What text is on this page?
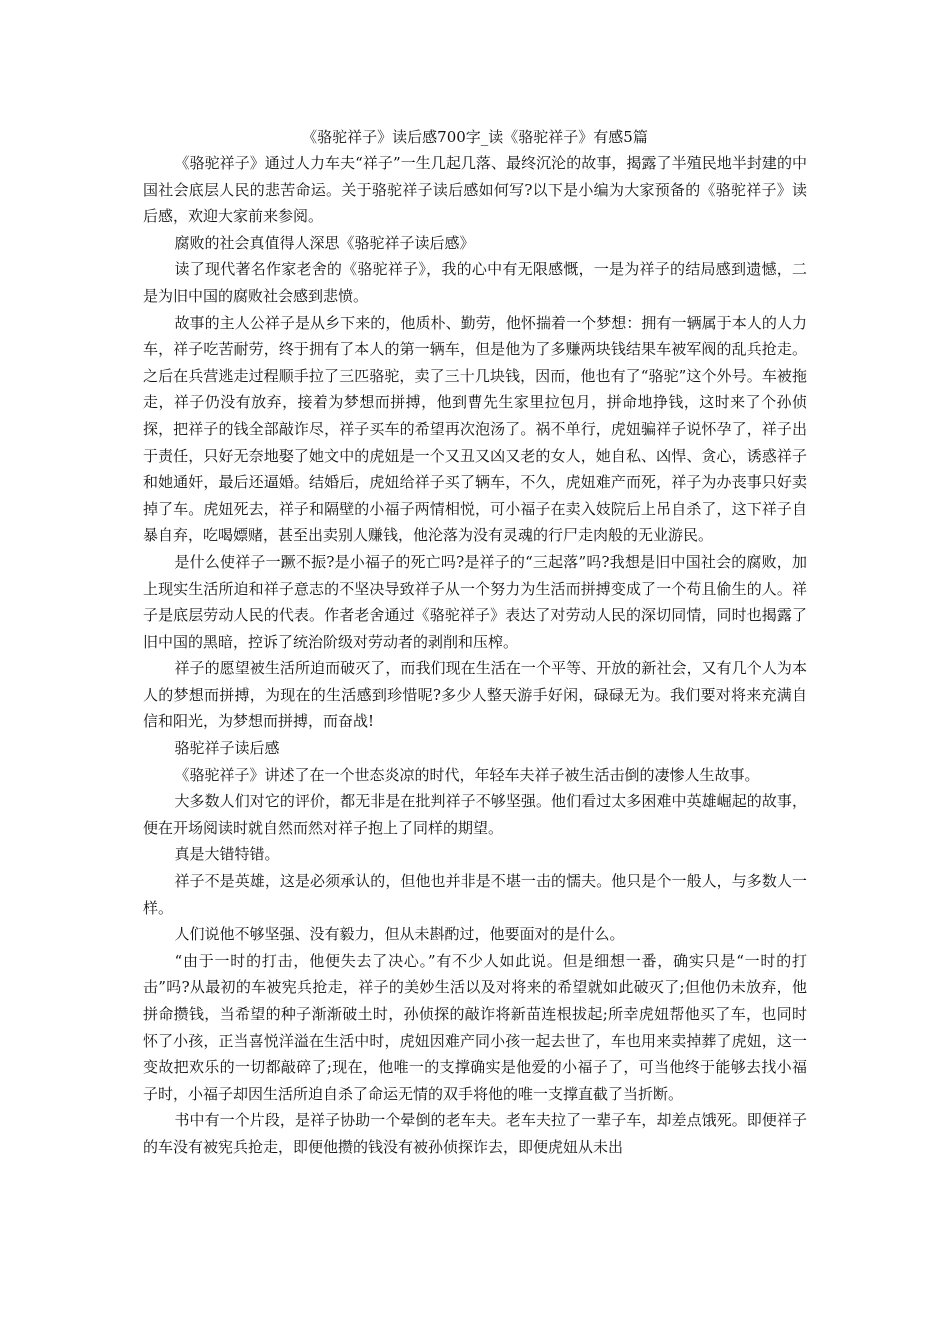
《骆驼祥子》读后感700字_读《骆驼祥子》有感5篇

《骆驼祥子》通过人力车夫“祥子”一生几起几落、最终沉沦的故事，揭露了半殖民地半封建的中国社会底层人民的悲苦命运。关于骆驼祥子读后感如何写?以下是小编为大家预备的《骆驼祥子》读后感，欢迎大家前来参阅。

腐败的社会真值得人深思《骆驼祥子读后感》

读了现代著名作家老舍的《骆驼祥子》，我的心中有无限感慨，一是为祥子的结局感到遗憾，二是为旧中国的腐败社会感到悲愤。

故事的主人公祥子是从乡下来的，他质朴、勤劳，他怀揣着一个梦想：拥有一辆属于本人的人力车，祥子吃苦耐劳，终于拥有了本人的第一辆车，但是他为了多赚两块钱结果车被军阀的乱兵抢走。之后在兵营逃走过程顺手拉了三匹骆驼，卖了三十几块钱，因而，他也有了“骆驼”这个外号。车被拖走，祥子仍没有放弃，接着为梦想而拼搏，他到曹先生家里拉包月，拼命地挣钱，这时来了个孙侦探，把祥子的钱全部敲诈尽，祥子买车的希望再次泡汤了。祸不单行，虎妞骗祥子说怀孕了，祥子出于责任，只好无奈地娶了她文中的虎妞是一个又丑又凶又老的女人，她自私、凶悍、贪心，诱惑祥子和她通奸，最后还逼婚。结婚后，虎妞给祥子买了辆车，不久，虎妞难产而死，祥子为办丧事只好卖掉了车。虎妞死去，祥子和隔壁的小福子两情相悦，可小福子在卖入妓院后上吊自杀了，这下祥子自暴自弃，吃喝嫖赌，甚至出卖别人赚钱，他沦落为没有灵魂的行尸走肉般的无业游民。

是什么使祥子一蹶不振?是小福子的死亡吗?是祥子的“三起落”吗?我想是旧中国社会的腐败，加上现实生活所迫和祥子意志的不坚决导致祥子从一个努力为生活而拼搏变成了一个苟且偷生的人。祥子是底层劳动人民的代表。作者老舍通过《骆驼祥子》表达了对劳动人民的深切同情，同时也揭露了旧中国的黑暗，控诉了统治阶级对劳动者的剥削和压榨。

祥子的愿望被生活所迫而破灭了，而我们现在生活在一个平等、开放的新社会，又有几个人为本人的梦想而拼搏，为现在的生活感到珍惜呢?多少人整天游手好闲，碌碌无为。我们要对将来充满自信和阳光，为梦想而拼搏，而奋战!

骆驼祥子读后感

《骆驼祥子》讲述了在一个世态炎凉的时代，年轻车夫祥子被生活击倒的凄惨人生故事。

大多数人们对它的评价，都无非是在批判祥子不够坚强。他们看过太多困难中英雄崛起的故事，便在开场阅读时就自然而然对祥子抱上了同样的期望。

真是大错特错。

祥子不是英雄，这是必须承认的，但他也并非是不堪一击的懦夫。他只是个一般人，与多数人一样。

人们说他不够坚强、没有毅力，但从未斟酌过，他要面对的是什么。

“由于一时的打击，他便失去了决心。”有不少人如此说。但是细想一番，确实只是“一时的打击”吗?从最初的车被宪兵抢走，祥子的美妙生活以及对将来的希望就如此破灭了;但他仍未放弃，他拼命攒钱，当希望的种子渐渐破土时，孙侦探的敲诈将新苗连根拔起;所幸虎妞帮他买了车，也同时怀了小孩，正当喜悦洋溢在生活中时，虎妞因难产同小孩一起去世了，车也用来卖掉葬了虎妞，这一变故把欢乐的一切都敲碎了;现在，他唯一的支撑确实是他爱的小福子了，可当他终于能够去找小福子时，小福子却因生活所迫自杀了命运无情的双手将他的唯一支撑直截了当折断。

书中有一个片段，是祥子协助一个晕倒的老车夫。老车夫拉了一辈子车，却差点饿死。即便祥子的车没有被宪兵抢走，即便他攒的钱没有被孙侦探诈去，即便虎妞从未出
